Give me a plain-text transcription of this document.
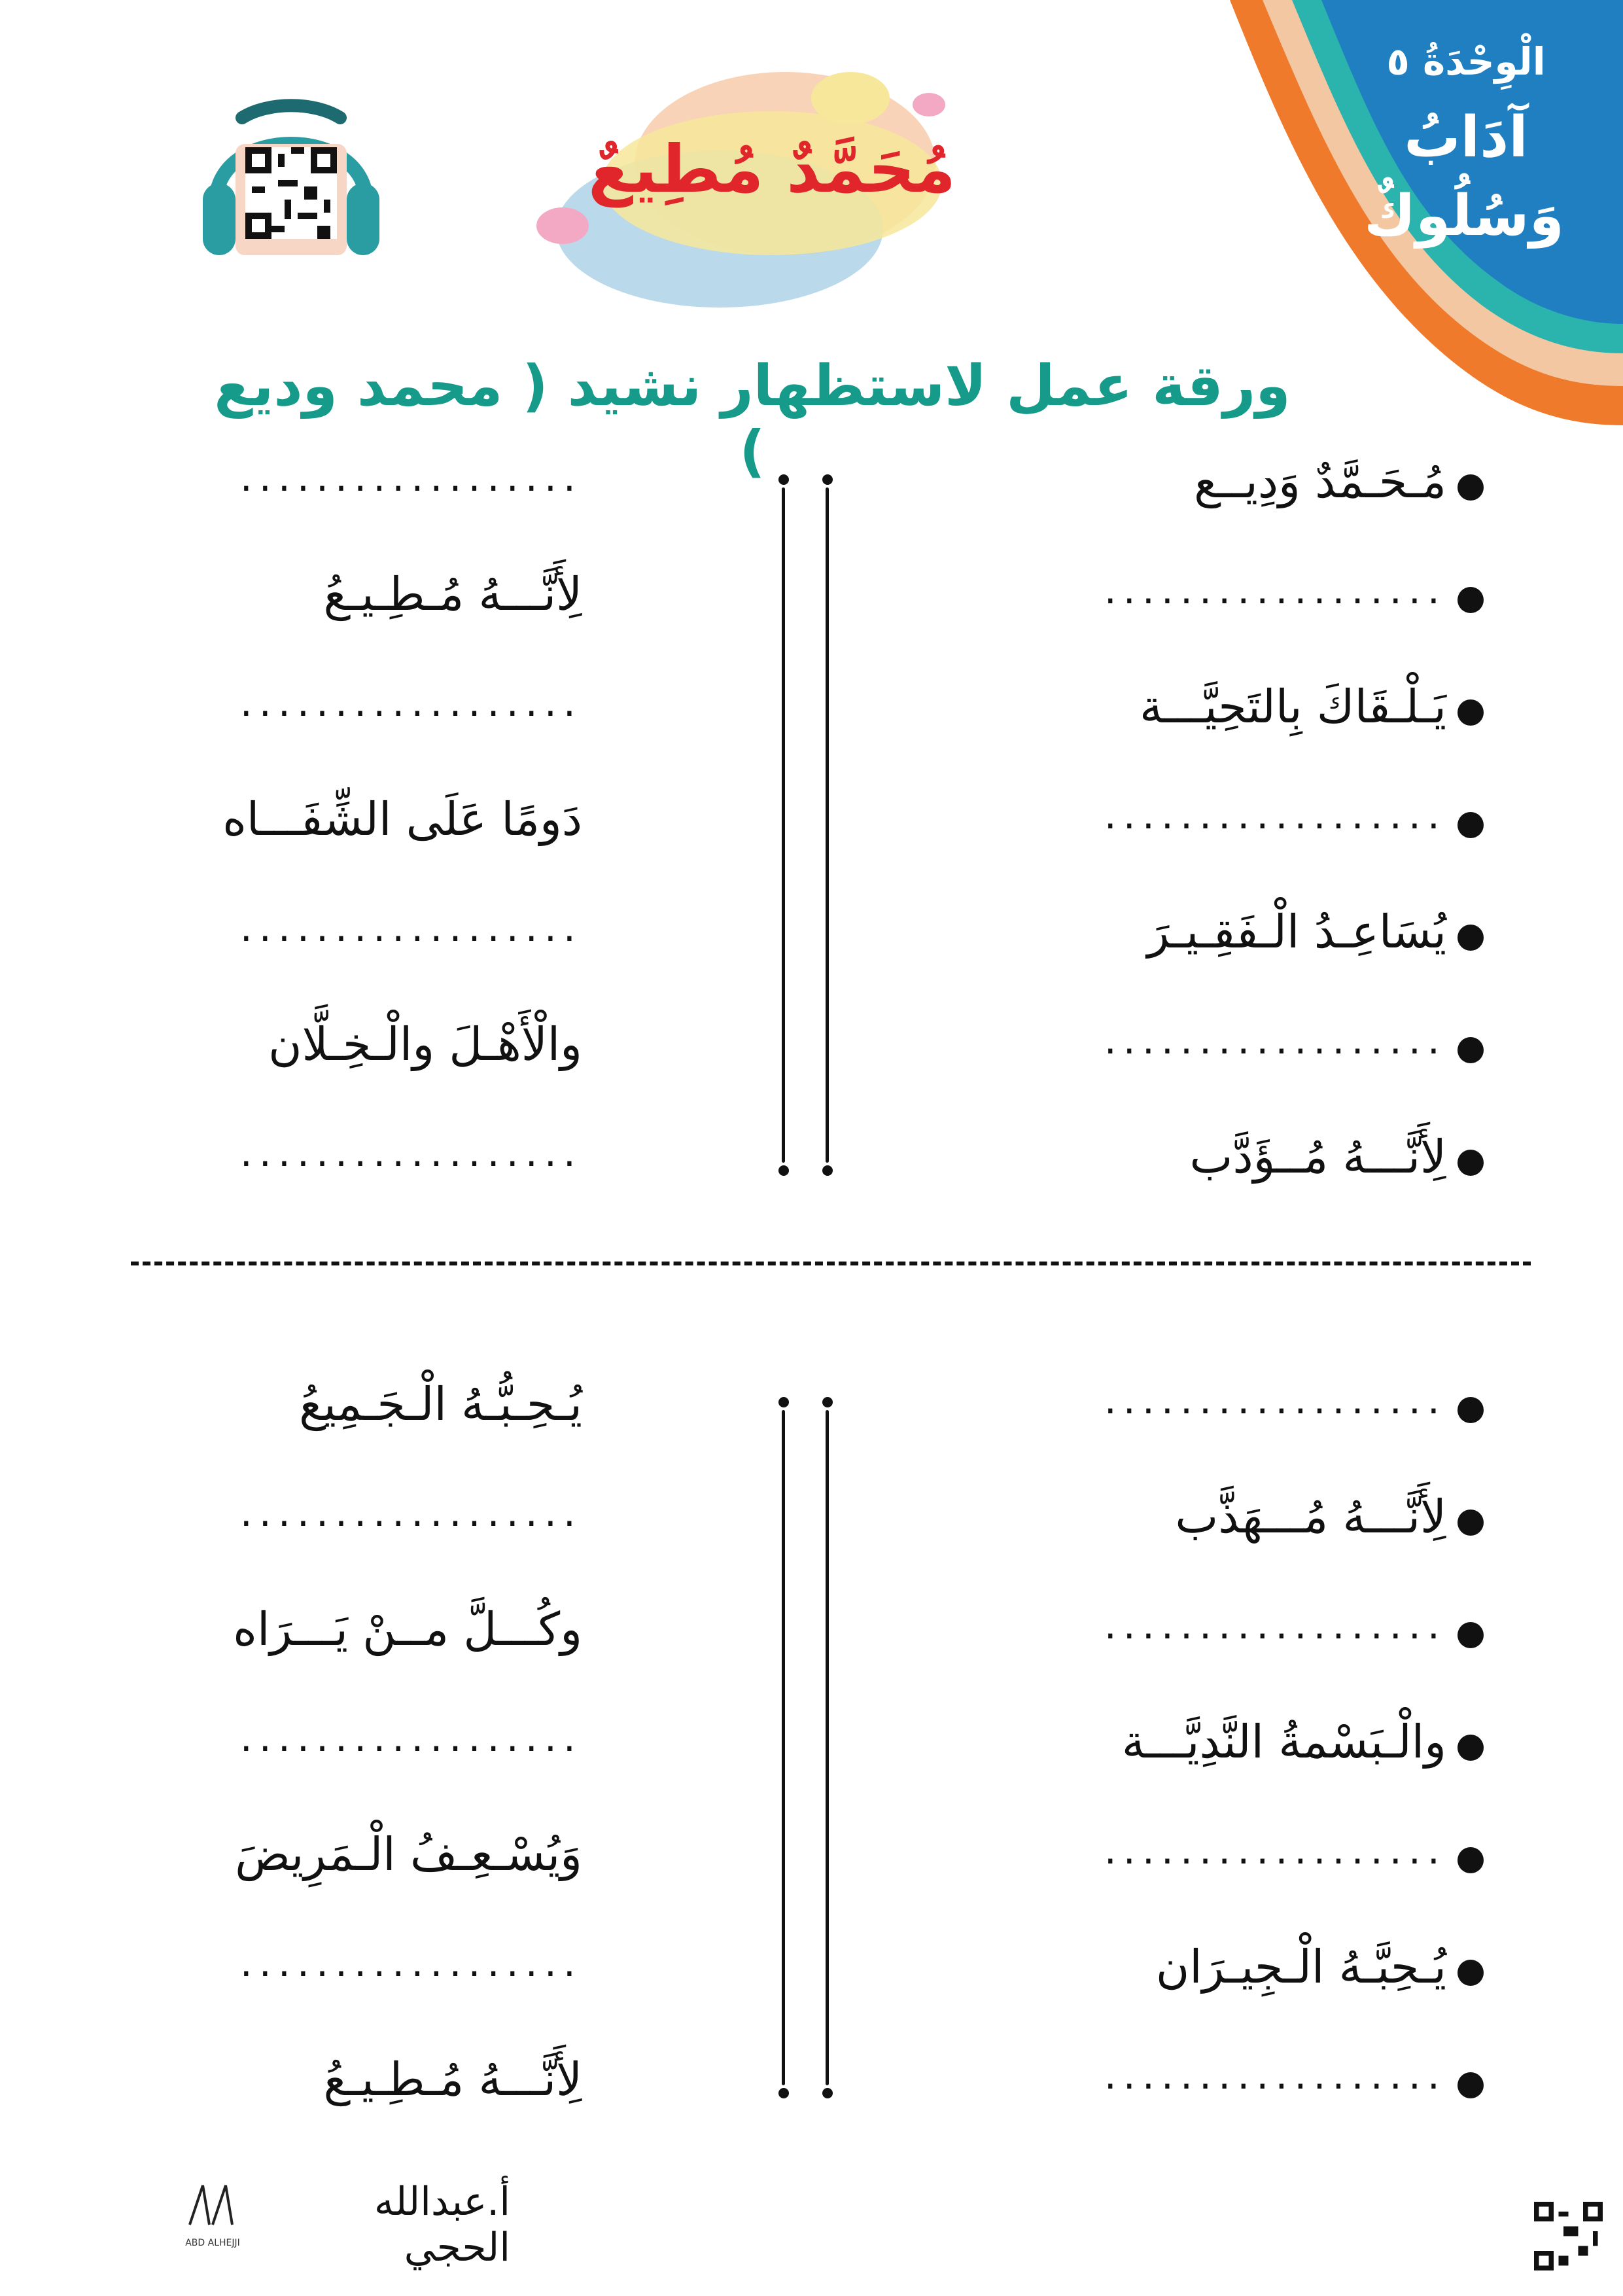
الْوِحْدَةُ ٥
آدَابُ
وَسُلُوكٌ
مُحَمَّدٌ مُطِيعٌ
ورقة عمل لاستظهار نشيد ( محمد وديع )	مُـحَـمَّدٌ وَدِيــع
..................
..................
لِأَنَّـــهُ مُـطِـيـعُ
يَـلْـقَاكَ بِالتَحِيَّـــة
..................
..................
دَومًا عَلَى الشِّفَـــاه
يُسَاعِـدُ الْـفَقِـيـرَ
..................
..................
والْأَهْـلَ والْـخِـلَّان
لِأَنَّـــهُ مُــؤَدَّب
..................
..................
يُـحِـبُّـهُ الْـجَـمِيعُ
لِأَنَّـــهُ مُـــهَذَّب
..................
..................
وكُـــلَّ مــنْ يَـــرَاه
والْـبَسْمةُ النَّدِيَّـــة
..................
..................
وَيُسْـعِـفُ الْـمَرِيضَ
يُـحِبَّـهُ الْـجِيـرَان
..................
..................
لِأَنَّـــهُ مُـطِـيـعُ
أ.عبدالله الحجي
ABD ALHEJJI
